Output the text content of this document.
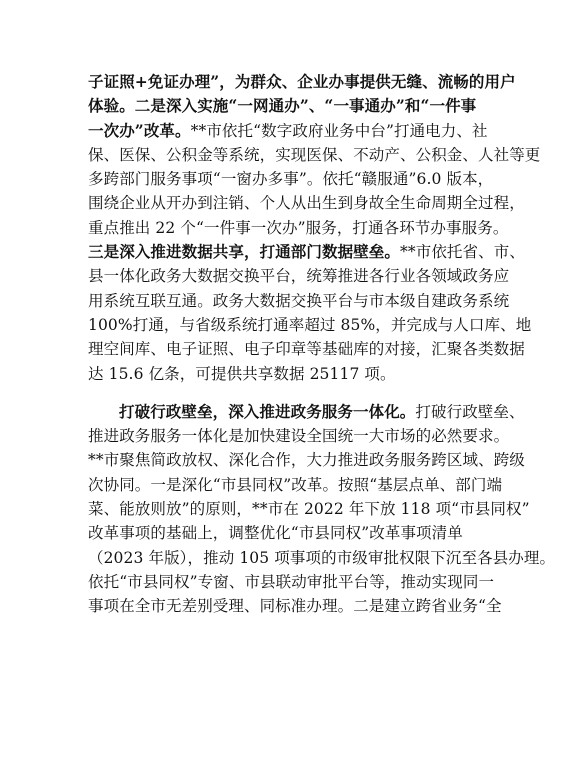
子证照+免证办理”，为群众、企业办事提供无缝、流畅的用户
体验。二是深入实施“一网通办”、“一事通办”和“一件事
一次办”改革。**市依托“数字政府业务中台”打通电力、社
保、医保、公积金等系统，实现医保、不动产、公积金、人社等更
多跨部门服务事项“一窗办多事”。依托“赣服通”6.0 版本，
围绕企业从开办到注销、个人从出生到身故全生命周期全过程，
重点推出 22 个“一件事一次办”服务，打通各环节办事服务。
三是深入推进数据共享，打通部门数据壁垒。**市依托省、市、
县一体化政务大数据交换平台，统筹推进各行业各领域政务应
用系统互联互通。政务大数据交换平台与市本级自建政务系统
100%打通，与省级系统打通率超过 85%，并完成与人口库、地
理空间库、电子证照、电子印章等基础库的对接，汇聚各类数据
达 15.6 亿条，可提供共享数据 25117 项。
打破行政壁垒，深入推进政务服务一体化。打破行政壁垒、
推进政务服务一体化是加快建设全国统一大市场的必然要求。
**市聚焦简政放权、深化合作，大力推进政务服务跨区域、跨级
次协同。一是深化“市县同权”改革。按照“基层点单、部门端
菜、能放则放”的原则，**市在 2022 年下放 118 项“市县同权”
改革事项的基础上，调整优化“市县同权”改革事项清单
（2023 年版），推动 105 项事项的市级审批权限下沉至各县办理。
依托“市县同权”专窗、市县联动审批平台等，推动实现同一
事项在全市无差别受理、同标准办理。二是建立跨省业务“全
